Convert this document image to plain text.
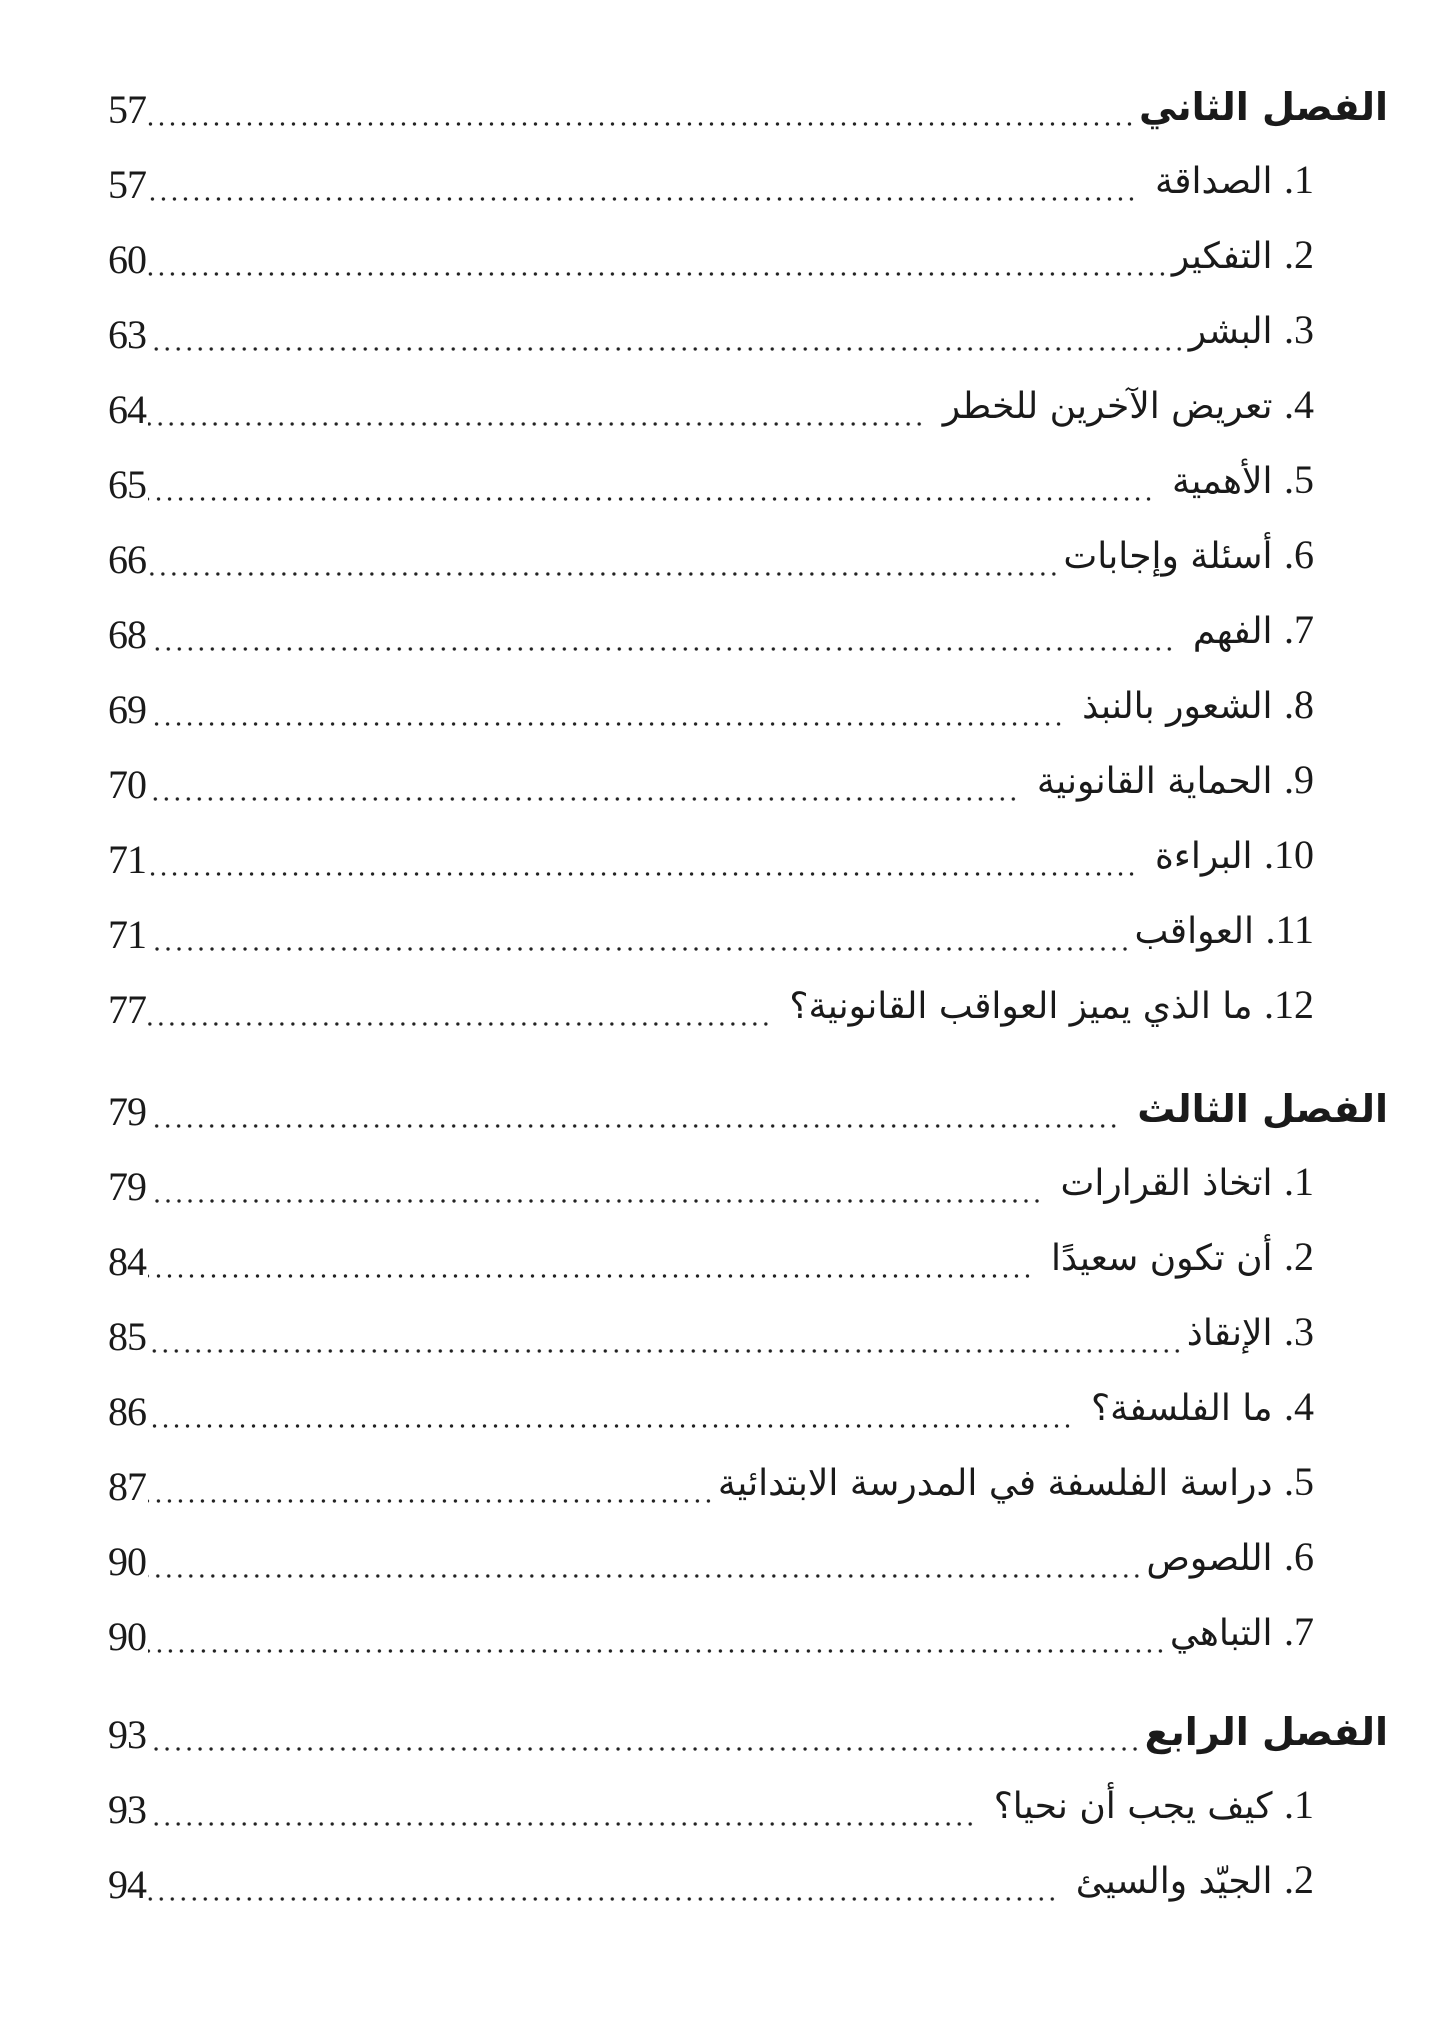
57	الفصل الثاني
57	1. الصداقة
60	2. التفكير
63	3. البشر
64	4. تعريض الآخرين للخطر
65	5. الأهمية
66	6. أسئلة وإجابات
68	7. الفهم
69	8. الشعور بالنبذ
70	9. الحماية القانونية
71	10. البراءة
71	11. العواقب
77	12. ما الذي يميز العواقب القانونية؟
79	الفصل الثالث
79	1. اتخاذ القرارات
84	2. أن تكون سعيدًا
85	3. الإنقاذ
86	4. ما الفلسفة؟
87	5. دراسة الفلسفة في المدرسة الابتدائية
90	6. اللصوص
90	7. التباهي
93	الفصل الرابع
93	1. كيف يجب أن نحيا؟
94	2. الجيّد والسيئ
